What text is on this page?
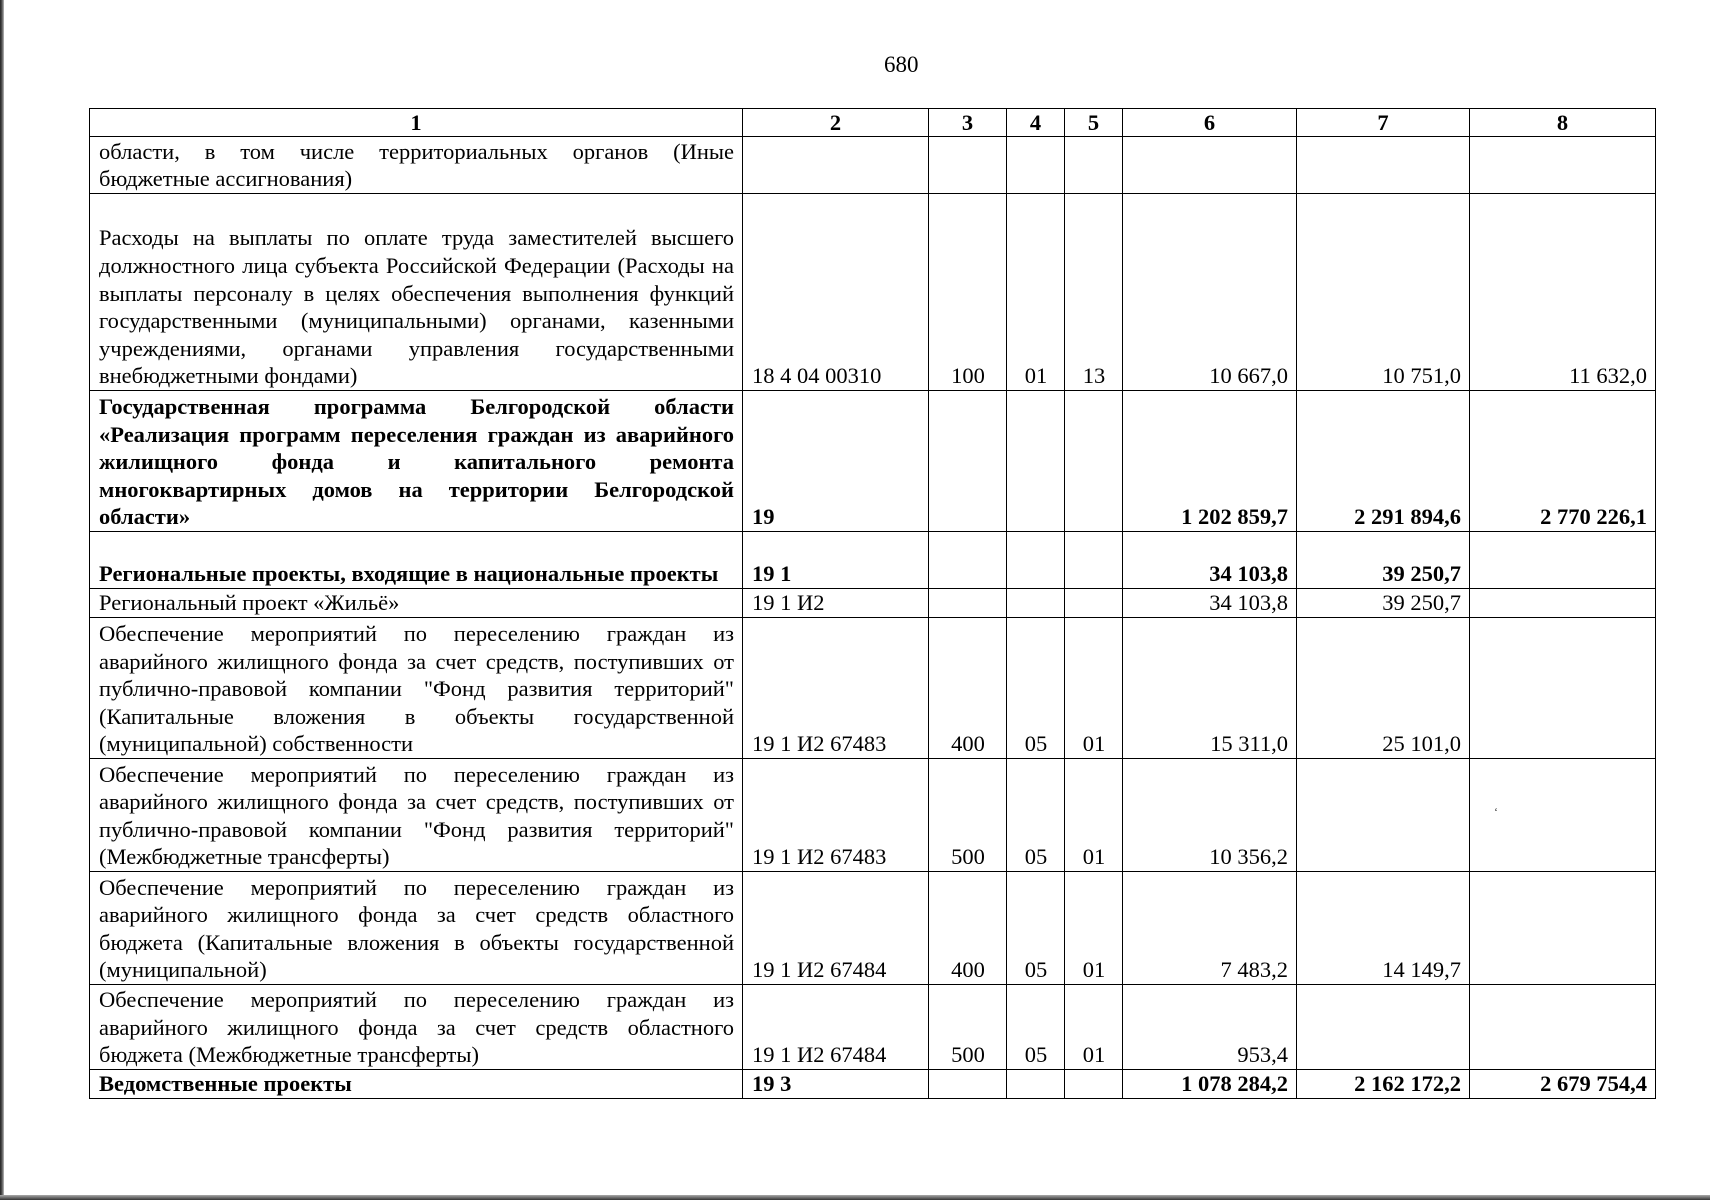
680
1	2	3	4	5	6	7	8
области, в том числе территориальных органов (Иные бюджетные ассигнования)							
Расходы на выплаты по оплате труда заместителей высшего должностного лица субъекта Российской Федерации (Расходы на выплаты персоналу в целях обеспечения выполнения функций государственными (муниципальными) органами, казенными учреждениями, органами управления государственными внебюджетными фондами)	18 4 04 00310	100	01	13	10 667,0	10 751,0	11 632,0
Государственная программа Белгородской области «Реализация программ переселения граждан из аварийного жилищного фонда и капитального ремонта многоквартирных домов на территории Белгородской области»	19				1 202 859,7	2 291 894,6	2 770 226,1
Региональные проекты, входящие в национальные проекты	19 1				34 103,8	39 250,7	
Региональный проект «Жильё»	19 1 И2				34 103,8	39 250,7	
Обеспечение мероприятий по переселению граждан из аварийного жилищного фонда за счет средств, поступивших от публично-правовой компании "Фонд развития территорий" (Капитальные вложения в объекты государственной (муниципальной) собственности	19 1 И2 67483	400	05	01	15 311,0	25 101,0	
Обеспечение мероприятий по переселению граждан из аварийного жилищного фонда за счет средств, поступивших от публично-правовой компании "Фонд развития территорий" (Межбюджетные трансферты)	19 1 И2 67483	500	05	01	10 356,2		
Обеспечение мероприятий по переселению граждан из аварийного жилищного фонда за счет средств областного бюджета (Капитальные вложения в объекты государственной (муниципальной)	19 1 И2 67484	400	05	01	7 483,2	14 149,7	
Обеспечение мероприятий по переселению граждан из аварийного жилищного фонда за счет средств областного бюджета (Межбюджетные трансферты)	19 1 И2 67484	500	05	01	953,4		
Ведомственные проекты	19 3				1 078 284,2	2 162 172,2	2 679 754,4
‘
